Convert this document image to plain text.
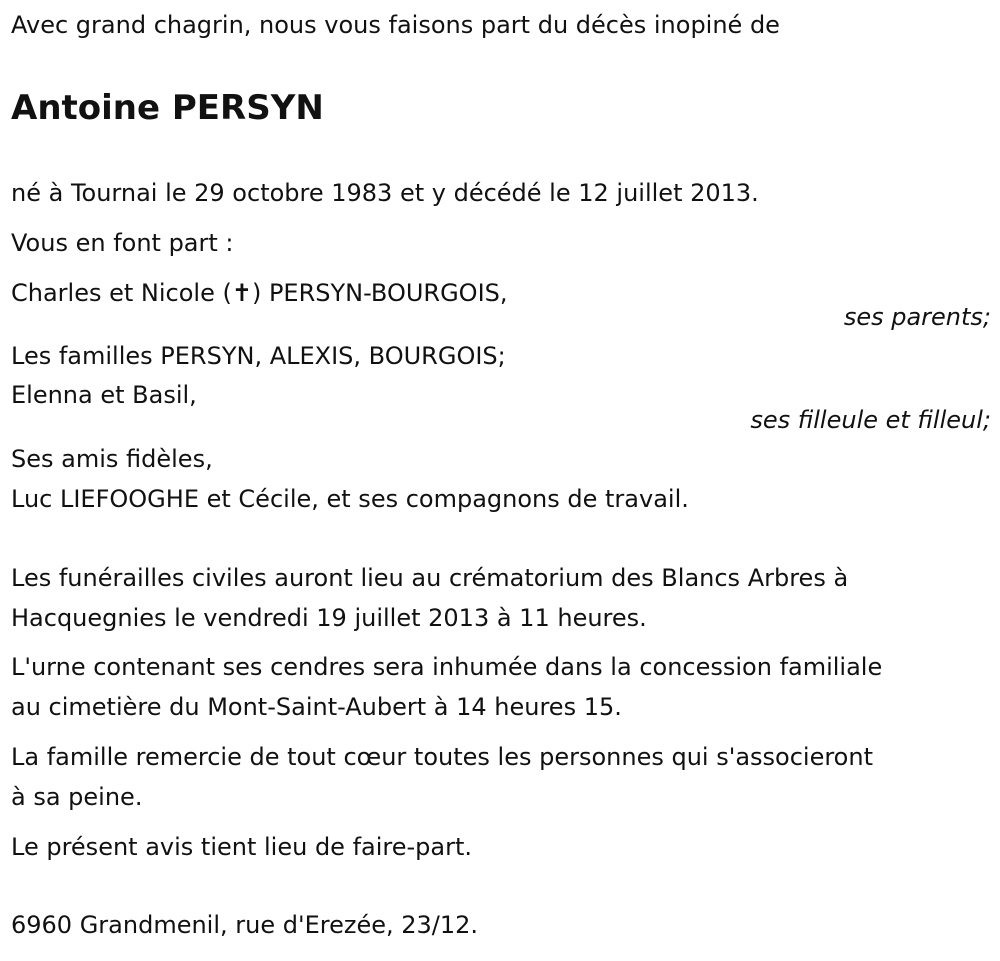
Avec grand chagrin, nous vous faisons part du décès inopiné de
Antoine PERSYN
né à Tournai le 29 octobre 1983 et y décédé le 12 juillet 2013.
Vous en font part :
Charles et Nicole (✝) PERSYN-BOURGOIS,
ses parents;
Les familles PERSYN, ALEXIS, BOURGOIS;
Elenna et Basil,
ses filleule et filleul;
Ses amis fidèles,
Luc LIEFOOGHE et Cécile, et ses compagnons de travail.
Les funérailles civiles auront lieu au crématorium des Blancs Arbres à
Hacquegnies le vendredi 19 juillet 2013 à 11 heures.
L'urne contenant ses cendres sera inhumée dans la concession familiale
au cimetière du Mont-Saint-Aubert à 14 heures 15.
La famille remercie de tout cœur toutes les personnes qui s'associeront
à sa peine.
Le présent avis tient lieu de faire-part.
6960 Grandmenil, rue d'Erezée, 23/12.
